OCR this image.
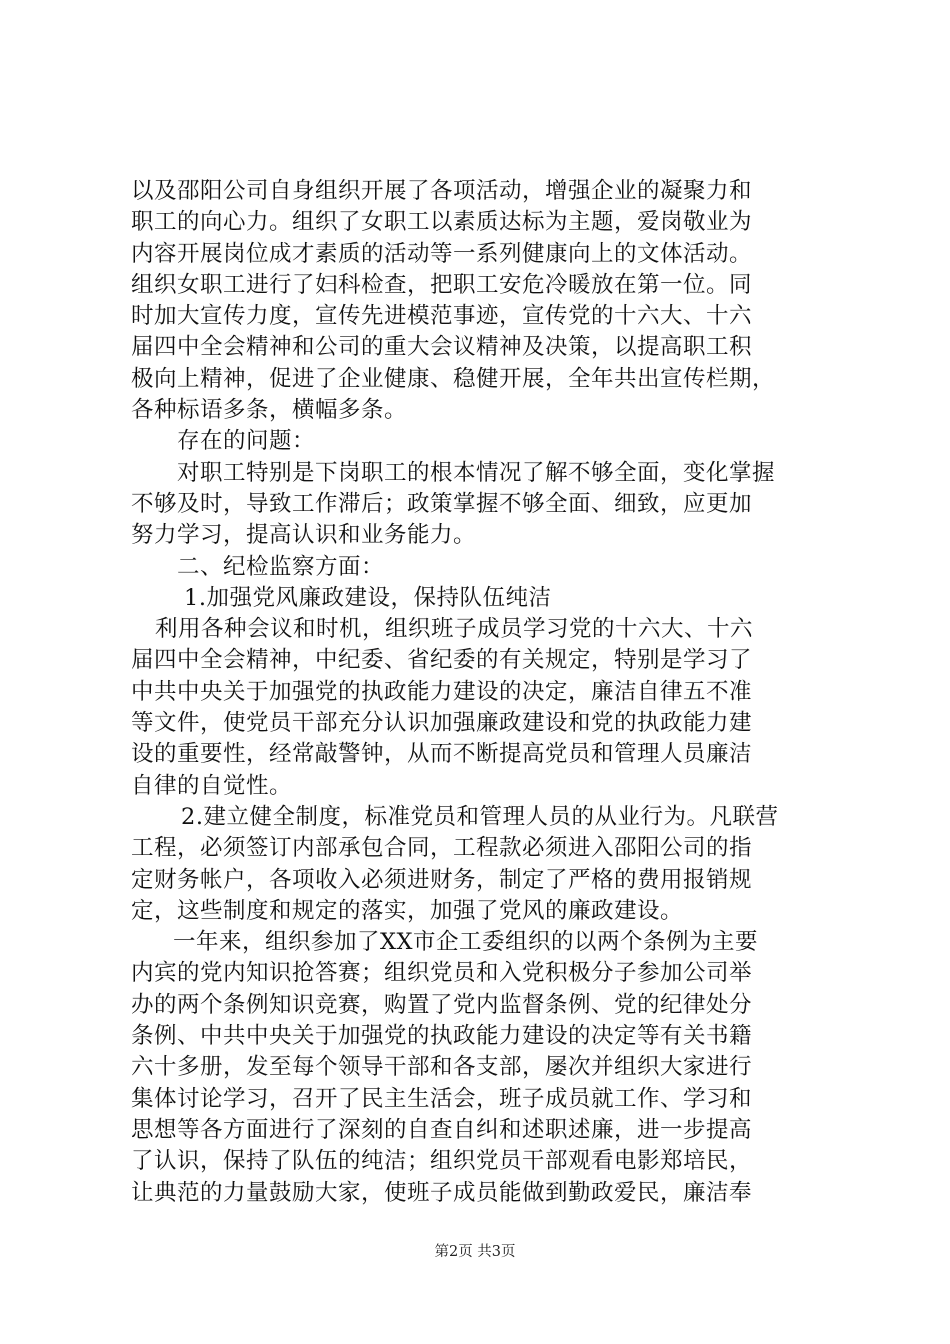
以及邵阳公司自身组织开展了各项活动，增强企业的凝聚力和
职工的向心力。组织了女职工以素质达标为主题，爱岗敬业为
内容开展岗位成才素质的活动等一系列健康向上的文体活动。
组织女职工进行了妇科检查，把职工安危冷暖放在第一位。同
时加大宣传力度，宣传先进模范事迹，宣传党的十六大、十六
届四中全会精神和公司的重大会议精神及决策，以提高职工积
极向上精神，促进了企业健康、稳健开展，全年共出宣传栏期，
各种标语多条，横幅多条。
存在的问题：
对职工特别是下岗职工的根本情况了解不够全面，变化掌握
不够及时，导致工作滞后；政策掌握不够全面、细致，应更加
努力学习，提高认识和业务能力。
二、纪检监察方面：
1.加强党风廉政建设，保持队伍纯洁
利用各种会议和时机，组织班子成员学习党的十六大、十六
届四中全会精神，中纪委、省纪委的有关规定，特别是学习了
中共中央关于加强党的执政能力建设的决定，廉洁自律五不准
等文件，使党员干部充分认识加强廉政建设和党的执政能力建
设的重要性，经常敲警钟，从而不断提高党员和管理人员廉洁
自律的自觉性。
2.建立健全制度，标准党员和管理人员的从业行为。凡联营
工程，必须签订内部承包合同，工程款必须进入邵阳公司的指
定财务帐户，各项收入必须进财务，制定了严格的费用报销规
定，这些制度和规定的落实，加强了党风的廉政建设。
一年来，组织参加了XX市企工委组织的以两个条例为主要
内宾的党内知识抢答赛；组织党员和入党积极分子参加公司举
办的两个条例知识竞赛，购置了党内监督条例、党的纪律处分
条例、中共中央关于加强党的执政能力建设的决定等有关书籍
六十多册，发至每个领导干部和各支部，屡次并组织大家进行
集体讨论学习，召开了民主生活会，班子成员就工作、学习和
思想等各方面进行了深刻的自查自纠和述职述廉，进一步提高
了认识，保持了队伍的纯洁；组织党员干部观看电影郑培民，
让典范的力量鼓励大家，使班子成员能做到勤政爱民，廉洁奉
第2页 共3页
